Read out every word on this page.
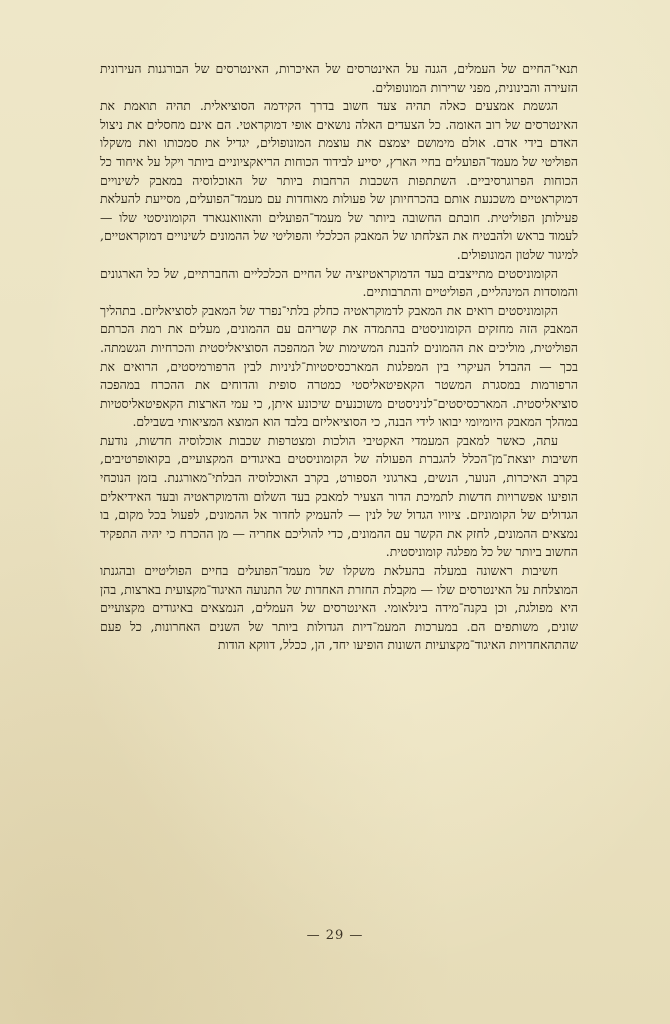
תנאי־החיים של העמלים, הגנה על האינטרסים של האיכרות, האינטרסים של הבורגנות העירונית הזעירה והבינונית, מפני שרירות המונופולים.

הגשמת אמצעים כאלה תהיה צעד חשוב בדרך הקידמה הסוציאלית. תהיה תואמת את האינטרסים של רוב האומה. כל הצעדים האלה נושאים אופי דמוקראטי. הם אינם מחסלים את ניצול האדם בידי אדם. אולם מימושם יצמצם את עוצמת המונופולים, יגדיל את סמכותו ואת משקלו הפוליטי של מעמד־הפועלים בחיי הארץ, יסייע לבידוד הכוחות הריאקציוניים ביותר ויקל על איחוד כל הכוחות הפרוגרסיביים. השתתפות השכבות הרחבות ביותר של האוכלוסיה במאבק לשינויים דמוקראטיים משכנעת אותם בהכרחיותן של פעולות מאוחדות עם מעמד־הפועלים, מסייעת להעלאת פעילותן הפוליטית. חובתם החשובה ביותר של מעמד־הפועלים והאוואנגארד הקומוניסטי שלו — לעמוד בראש ולהבטיח את הצלחתו של המאבק הכלכלי והפוליטי של ההמונים לשינויים דמוקראטיים, למיגור שלטון המונופולים.

הקומוניסטים מתייצבים בעד הדמוקראטיזציה של החיים הכלכליים והחברתיים, של כל הארגונים והמוסדות המינהליים, הפוליטיים והתרבותיים.

הקומוניסטים רואים את המאבק לדמוקראטיה כחלק בלתי־נפרד של המאבק לסוציאליזם. בתהליך המאבק הזה מחזקים הקומוניסטים בהתמדה את קשריהם עם ההמונים, מעלים את רמת הכרתם הפוליטית, מוליכים את ההמונים להבנת המשימות של המהפכה הסוציאליסטית והכרחיות הגשמתה. בכך — ההבדל העיקרי בין המפלגות המארכסיסטיות־לניניות לבין הרפורמיסטים, הרואים את הרפורמות במסגרת המשטר הקאפיטאליסטי כמטרה סופית והדוחים את ההכרח במהפכה סוציאליסטית. המארכסיסטים־לניניסטים משוכנעים שיכונע איתן, כי עמי הארצות הקאפיטאליסטיות במהלך המאבק היומיומי יבואו לידי הבנה, כי הסוציאליזם בלבד הוא המוצא המציאותי בשבילם.

עתה, כאשר למאבק המעמדי האקטיבי הולכות ומצטרפות שכבות אוכלוסיה חדשות, נודעת חשיבות יוצאת־מן־הכלל להגברת הפעולה של הקומוניסטים באיגודים המקצועיים, בקואופרטיבים, בקרב האיכרות, הנוער, הנשים, בארגוני הספורט, בקרב האוכלוסיה הבלתי־מאורגנת. בזמן הנוכחי הופיעו אפשרויות חדשות לתמיכת הדור הצעיר למאבק בעד השלום והדמוקראטיה ובעד האידיאלים הגדולים של הקומוניזם. ציוויו הגדול של לנין — להעמיק לחדור אל ההמונים, לפעול בכל מקום, בו נמצאים ההמונים, לחזק את הקשר עם ההמונים, כדי להוליכם אחריה — מן ההכרח כי יהיה התפקיד החשוב ביותר של כל מפלגה קומוניסטית.

חשיבות ראשונה במעלה בהעלאת משקלו של מעמד־הפועלים בחיים הפוליטיים ובהגנתו המוצלחת על האינטרסים שלו — מקבלת החזרת האחדות של התנועה האיגוד־מקצועית בארצות, בהן היא מפולגת, וכן בקנה־מידה בינלאומי. האינטרסים של העמלים, הנמצאים באיגודים מקצועיים שונים, משותפים הם. במערכות המעמ־דיות הגדולות ביותר של השנים האחרונות, כל פעם שהתהאחדויות האיגוד־מקצועיות השונות הופיעו יחד, הן, ככלל, דווקא הודות

— 29 —
